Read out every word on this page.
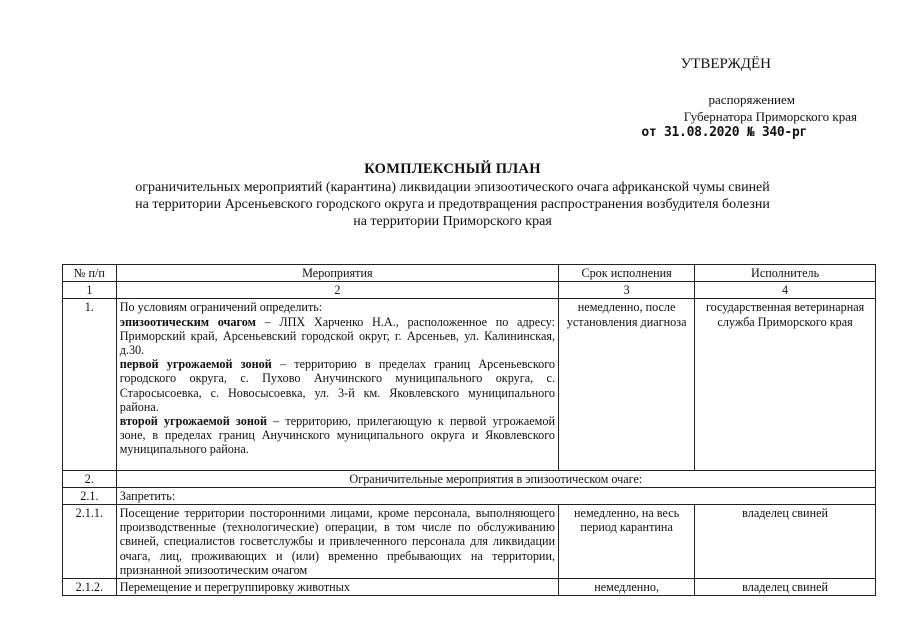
УТВЕРЖДЁН
распоряжением
Губернатора Приморского края
от 31.08.2020 № 340-рг
КОМПЛЕКСНЫЙ ПЛАН
ограничительных мероприятий (карантина) ликвидации эпизоотического очага африканской чумы свиней
на территории Арсеньевского городского округа и предотвращения распространения возбудителя болезни
на территории Приморского края
№ п/п	Мероприятия	Срок исполнения	Исполнитель
1	2	3	4
1.	По условиям ограничений определить:
эпизоотическим очагом – ЛПХ Харченко Н.А., расположенное по адресу: Приморский край, Арсеньевский городской округ, г. Арсеньев, ул. Калининская, д.30.
первой угрожаемой зоной – территорию в пределах границ Арсеньевского городского округа, с. Пухово Анучинского муниципального округа, с. Старосысоевка, с. Новосысоевка, ул. 3-й км. Яковлевского муниципального района.
второй угрожаемой зоной – территорию, прилегающую к первой угрожаемой зоне, в пределах границ Анучинского муниципального округа и Яковлевского муниципального района.	немедленно, после установления диагноза	государственная ветеринарная служба Приморского края
2.	Ограничительные мероприятия в эпизоотическом очаге:		
2.1.	Запретить:		
2.1.1.	Посещение территории посторонними лицами, кроме персонала, выполняющего производственные (технологические) операции, в том числе по обслуживанию свиней, специалистов госветслужбы и привлеченного персонала для ликвидации очага, лиц, проживающих и (или) временно пребывающих на территории, признанной эпизоотическим очагом	немедленно, на весь период карантина	владелец свиней
2.1.2.	Перемещение и перегруппировку животных	немедленно,	владелец свиней
